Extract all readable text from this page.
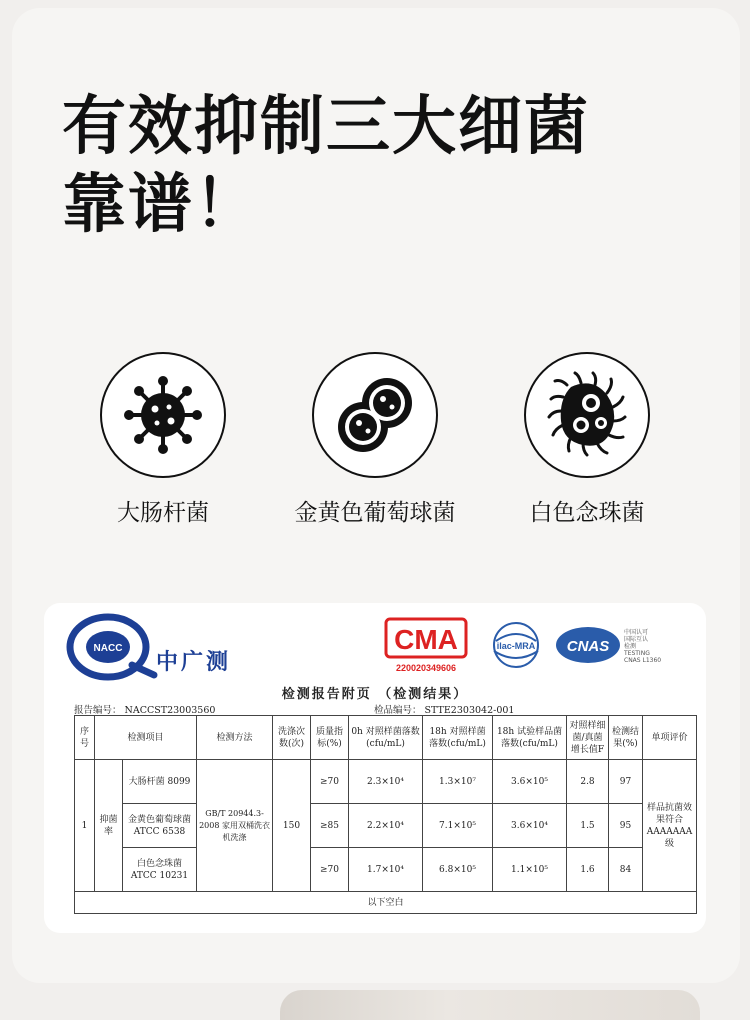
有效抑制三大细菌
靠谱！
大肠杆菌	金黄色葡萄球菌	白色念珠菌
NACC
中广测
CMA
220020349606
ilac-MRA CNAS
中国认可
国际互认
检测
TESTING
CNAS L1360
检测报告附页 （检测结果）
报告编号： NACCST23003560	检品编号： STTE2303042-001
序号	检测项目		检测方法	洗涤次数(次)	质量指标(%)	0h 对照样菌落数(cfu/mL)	18h 对照样菌落数(cfu/mL)	18h 试验样品菌落数(cfu/mL)	对照样细菌/真菌增长值F	检测结果(%)	单项评价
1	抑菌率	大肠杆菌 8099	GB/T 20944.3-2008 家用双桶洗衣机洗涤	150	≥70	2.3×10⁴	1.3×10⁷	3.6×10⁵	2.8	97	样品抗菌效果符合AAAAAAA级
		金黄色葡萄球菌 ATCC 6538			≥85	2.2×10⁴	7.1×10⁵	3.6×10⁴	1.5	95	
		白色念珠菌 ATCC 10231			≥70	1.7×10⁴	6.8×10⁵	1.1×10⁵	1.6	84	
以下空白											
